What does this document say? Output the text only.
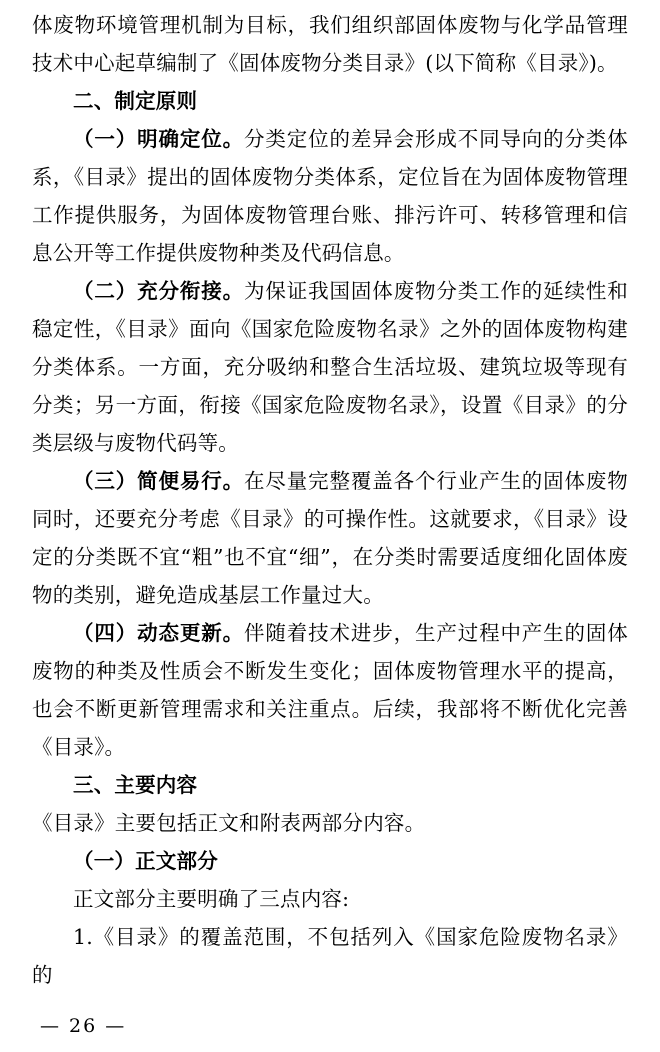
体废物环境管理机制为目标，我们组织部固体废物与化学品管理技术中心起草编制了《固体废物分类目录》(以下简称《目录》)。

二、制定原则

（一）明确定位。分类定位的差异会形成不同导向的分类体系，《目录》提出的固体废物分类体系，定位旨在为固体废物管理工作提供服务，为固体废物管理台账、排污许可、转移管理和信息公开等工作提供废物种类及代码信息。

（二）充分衔接。为保证我国固体废物分类工作的延续性和稳定性，《目录》面向《国家危险废物名录》之外的固体废物构建分类体系。一方面，充分吸纳和整合生活垃圾、建筑垃圾等现有分类；另一方面，衔接《国家危险废物名录》，设置《目录》的分类层级与废物代码等。

（三）简便易行。在尽量完整覆盖各个行业产生的固体废物同时，还要充分考虑《目录》的可操作性。这就要求，《目录》设定的分类既不宜“粗”也不宜“细”，在分类时需要适度细化固体废物的类别，避免造成基层工作量过大。

（四）动态更新。伴随着技术进步，生产过程中产生的固体废物的种类及性质会不断发生变化；固体废物管理水平的提高，也会不断更新管理需求和关注重点。后续，我部将不断优化完善《目录》。

三、主要内容

《目录》主要包括正文和附表两部分内容。

（一）正文部分

正文部分主要明确了三点内容:

1.《目录》的覆盖范围，不包括列入《国家危险废物名录》的

— 26 —
